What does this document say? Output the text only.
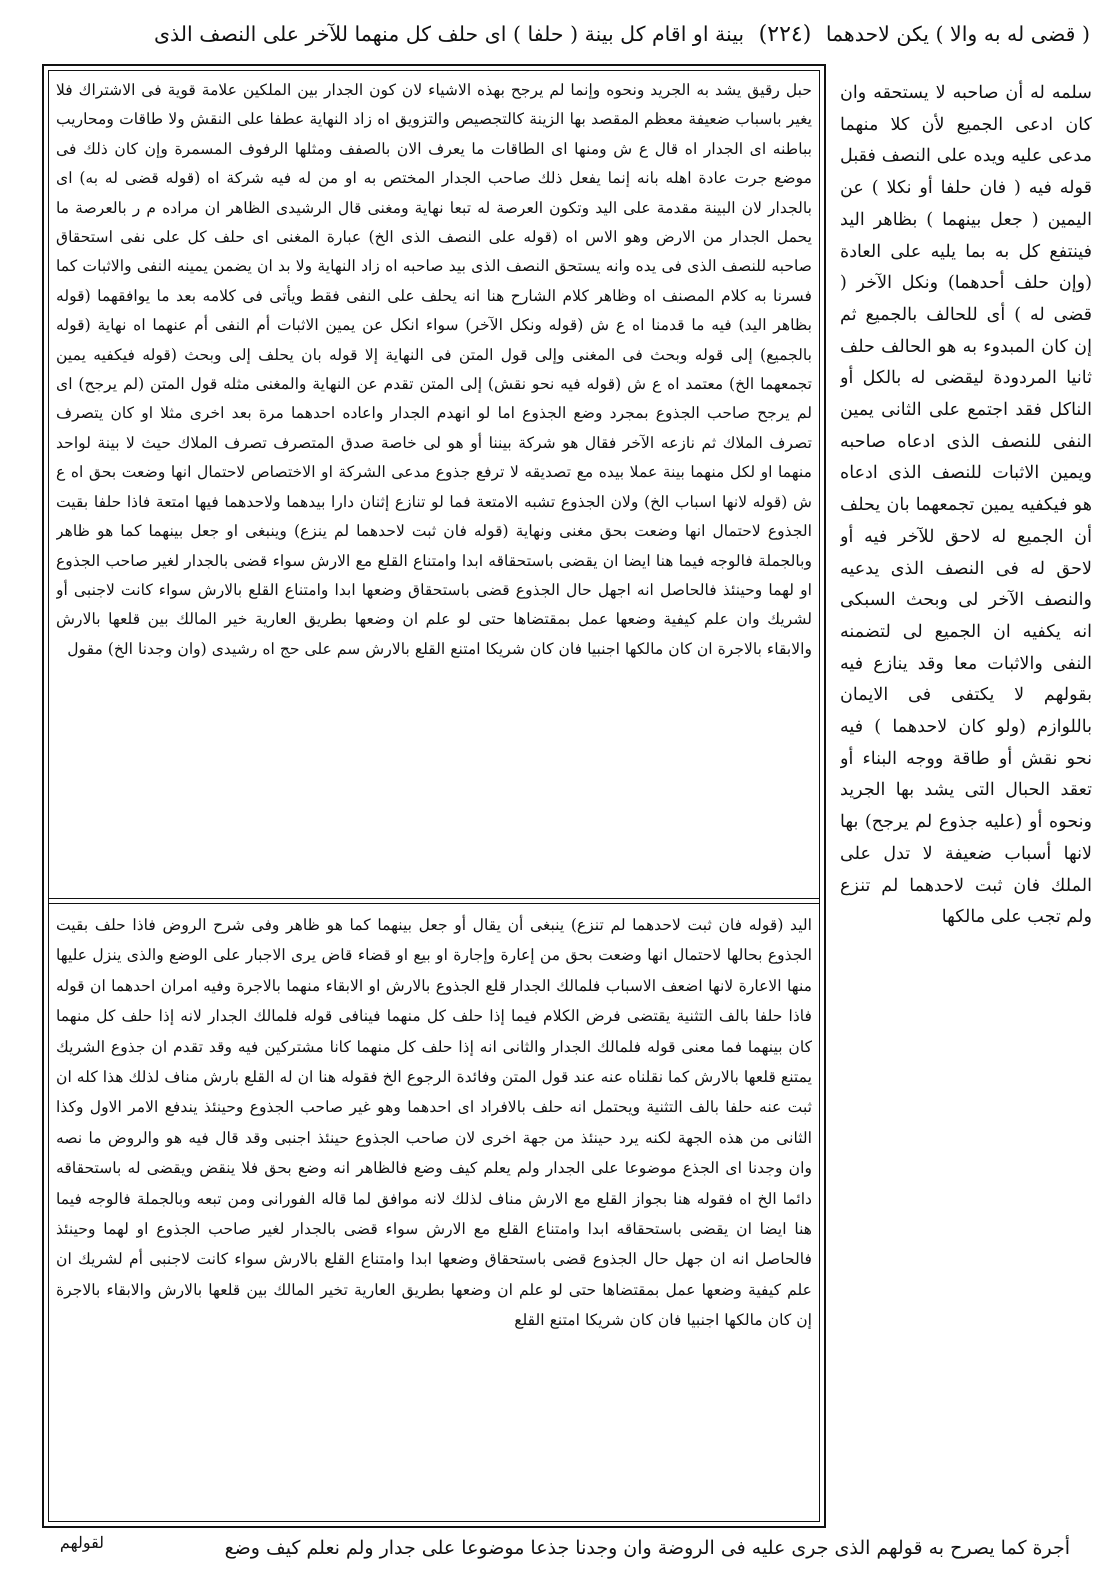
( قضى له به والا ) يكن لاحدهما (٢٢٤) بينة او اقام كل بينة ( حلفا ) اى حلف كل منهما للآخر على النصف الذى

سلمه له أن صاحبه لا يستحقه وان كان ادعى الجميع لأن كلا منهما مدعى عليه ويده على النصف فقبل قوله فيه ( فان حلفا أو نكلا ) عن اليمين ( جعل بينهما ) بظاهر اليد فينتفع كل به بما يليه على العادة (وإن حلف أحدهما) ونكل الآخر ( قضى له ) أى للحالف بالجميع ثم إن كان المبدوء به هو الحالف حلف ثانيا المردودة ليقضى له بالكل أو الناكل فقد اجتمع على الثانى يمين النفى للنصف الذى ادعاه صاحبه ويمين الاثبات للنصف الذى ادعاه هو فيكفيه يمين تجمعهما بان يحلف أن الجميع له لاحق للآخر فيه أو لاحق له فى النصف الذى يدعيه والنصف الآخر لى وبحث السبكى انه يكفيه ان الجميع لى لتضمنه النفى والاثبات معا وقد ينازع فيه بقولهم لا يكتفى فى الايمان باللوازم (ولو كان لاحدهما ) فيه نحو نقش أو طاقة ووجه البناء أو تعقد الحبال التى يشد بها الجريد ونحوه أو (عليه جذوع لم يرجح) بها لانها أسباب ضعيفة لا تدل على الملك فان ثبت لاحدهما لم تنزع ولم تجب على مالكها

حبل رقيق يشد به الجريد ونحوه وإنما لم يرجح بهذه الاشياء لان كون الجدار بين الملكين علامة قوية فى الاشتراك فلا يغير باسباب ضعيفة معظم المقصد بها الزينة كالتجصيص والتزويق اه زاد النهاية عطفا على النقش ولا طاقات ومحاريب بباطنه اى الجدار اه قال ع ش ومنها اى الطاقات ما يعرف الان بالصفف ومثلها الرفوف المسمرة وإن كان ذلك فى موضع جرت عادة اهله بانه إنما يفعل ذلك صاحب الجدار المختص به او من له فيه شركة اه (قوله قضى له به) اى بالجدار لان البينة مقدمة على اليد وتكون العرصة له تبعا نهاية ومغنى قال الرشيدى الظاهر ان مراده م ر بالعرصة ما يحمل الجدار من الارض وهو الاس اه (قوله على النصف الذى الخ) عبارة المغنى اى حلف كل على نفى استحقاق صاحبه للنصف الذى فى يده وانه يستحق النصف الذى بيد صاحبه اه زاد النهاية ولا بد ان يضمن يمينه النفى والاثبات كما فسرنا به كلام المصنف اه وظاهر كلام الشارح هنا انه يحلف على النفى فقط ويأتى فى كلامه بعد ما يوافقهما (قوله بظاهر اليد) فيه ما قدمنا اه ع ش (قوله ونكل الآخر) سواء انكل عن يمين الاثبات أم النفى أم عنهما اه نهاية (قوله بالجميع) إلى قوله وبحث فى المغنى وإلى قول المتن فى النهاية إلا قوله بان يحلف إلى وبحث (قوله فيكفيه يمين تجمعهما الخ) معتمد اه ع ش (قوله فيه نحو نقش) إلى المتن تقدم عن النهاية والمغنى مثله قول المتن (لم يرجح) اى لم يرجح صاحب الجذوع بمجرد وضع الجذوع اما لو انهدم الجدار واعاده احدهما مرة بعد اخرى مثلا او كان يتصرف تصرف الملاك ثم نازعه الآخر فقال هو شركة بيننا أو هو لى خاصة صدق المتصرف تصرف الملاك حيث لا بينة لواحد منهما او لكل منهما بينة عملا بيده مع تصديقه لا ترفع جذوع مدعى الشركة او الاختصاص لاحتمال انها وضعت بحق اه ع ش (قوله لانها اسباب الخ) ولان الجذوع تشبه الامتعة فما لو تنازع إثنان دارا بيدهما ولاحدهما فيها امتعة فاذا حلفا بقيت الجذوع لاحتمال انها وضعت بحق مغنى ونهاية (قوله فان ثبت لاحدهما لم ينزع) وينبغى او جعل بينهما كما هو ظاهر وبالجملة فالوجه فيما هنا ايضا ان يقضى باستحقاقه ابدا وامتناع القلع مع الارش سواء قضى بالجدار لغير صاحب الجذوع او لهما وحينئذ فالحاصل انه اجهل حال الجذوع قضى باستحقاق وضعها ابدا وامتناع القلع بالارش سواء كانت لاجنبى أو لشريك وان علم كيفية وضعها عمل بمقتضاها حتى لو علم ان وضعها بطريق العارية خير المالك بين قلعها بالارش والابقاء بالاجرة ان كان مالكها اجنبيا فان كان شريكا امتنع القلع بالارش سم على حج اه رشيدى (وان وجدنا الخ) مقول

اليد (قوله فان ثبت لاحدهما لم تنزع) ينبغى أن يقال أو جعل بينهما كما هو ظاهر وفى شرح الروض فاذا حلف بقيت الجذوع بحالها لاحتمال انها وضعت بحق من إعارة وإجارة او بيع او قضاء قاض يرى الاجبار على الوضع والذى ينزل عليها منها الاعارة لانها اضعف الاسباب فلمالك الجدار قلع الجذوع بالارش او الابقاء منهما بالاجرة وفيه امران احدهما ان قوله فاذا حلفا بالف التثنية يقتضى فرض الكلام فيما إذا حلف كل منهما فينافى قوله فلمالك الجدار لانه إذا حلف كل منهما كان بينهما فما معنى قوله فلمالك الجدار والثانى انه إذا حلف كل منهما كانا مشتركين فيه وقد تقدم ان جذوع الشريك يمتنع قلعها بالارش كما نقلناه عنه عند قول المتن وفائدة الرجوع الخ فقوله هنا ان له القلع بارش مناف لذلك هذا كله ان ثبت عنه حلفا بالف التثنية ويحتمل انه حلف بالافراد اى احدهما وهو غير صاحب الجذوع وحينئذ يندفع الامر الاول وكذا الثانى من هذه الجهة لكنه يرد حينئذ من جهة اخرى لان صاحب الجذوع حينئذ اجنبى وقد قال فيه هو والروض ما نصه وان وجدنا اى الجذع موضوعا على الجدار ولم يعلم كيف وضع فالظاهر انه وضع بحق فلا ينقض ويقضى له باستحقاقه دائما الخ اه فقوله هنا بجواز القلع مع الارش مناف لذلك لانه موافق لما قاله الفورانى ومن تبعه وبالجملة فالوجه فيما هنا ايضا ان يقضى باستحقاقه ابدا وامتناع القلع مع الارش سواء قضى بالجدار لغير صاحب الجذوع او لهما وحينئذ فالحاصل انه ان جهل حال الجذوع قضى باستحقاق وضعها ابدا وامتناع القلع بالارش سواء كانت لاجنبى أم لشريك ان علم كيفية وضعها عمل بمقتضاها حتى لو علم ان وضعها بطريق العارية تخير المالك بين قلعها بالارش والابقاء بالاجرة إن كان مالكها اجنبيا فان كان شريكا امتنع القلع

أجرة كما يصرح به قولهم الذى جرى عليه فى الروضة وان وجدنا جذعا موضوعا على جدار ولم نعلم كيف وضع
لقولهم
